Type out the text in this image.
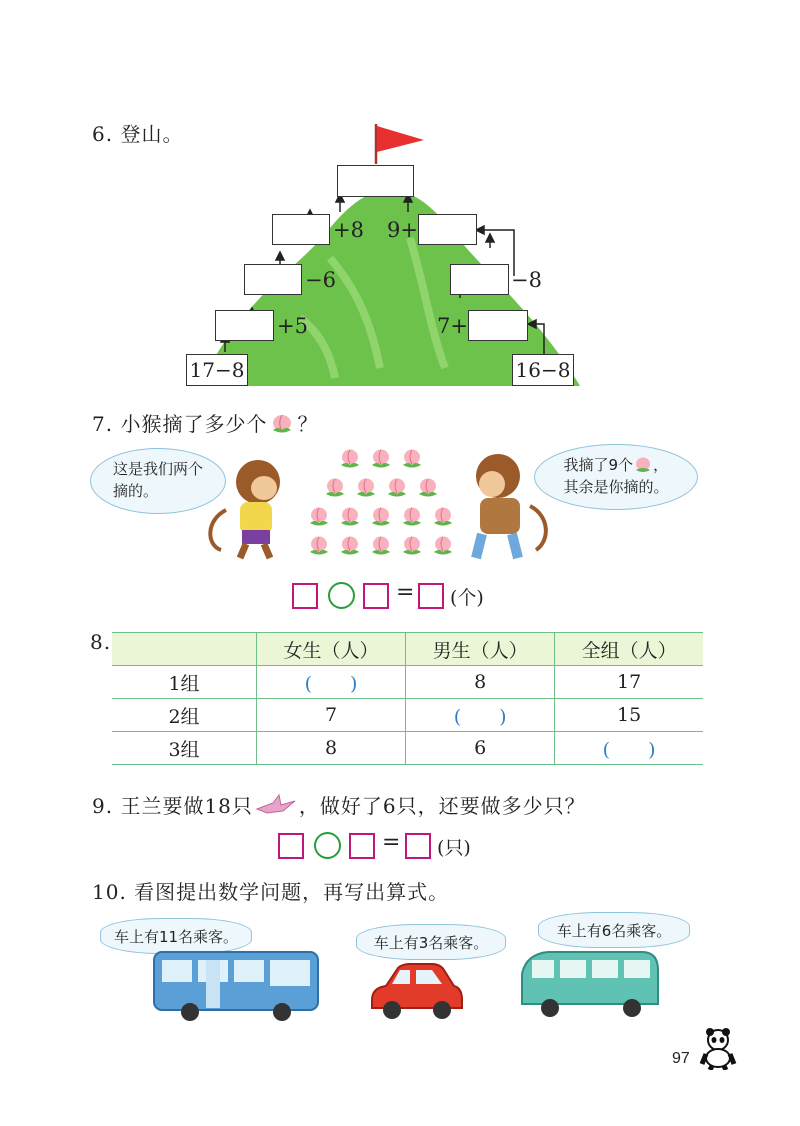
6. 登山。
+8 9+
−6	−8
+5	7+
17−8	16−8
7. 小猴摘了多少个 ？
这是我们两个
摘的。
我摘了9个 ，
其余是你摘的。
= (个)
8.
		女生（人）	男生（人）	全组（人）
1组	(　　)	8	17
2组	7	(　　)	15
3组	8	6	(　　)
9. 王兰要做18只 ，做好了6只，还要做多少只？
= (只)
10. 看图提出数学问题，再写出算式。
车上有11名乘客。	车上有3名乘客。
车上有6名乘客。
97
